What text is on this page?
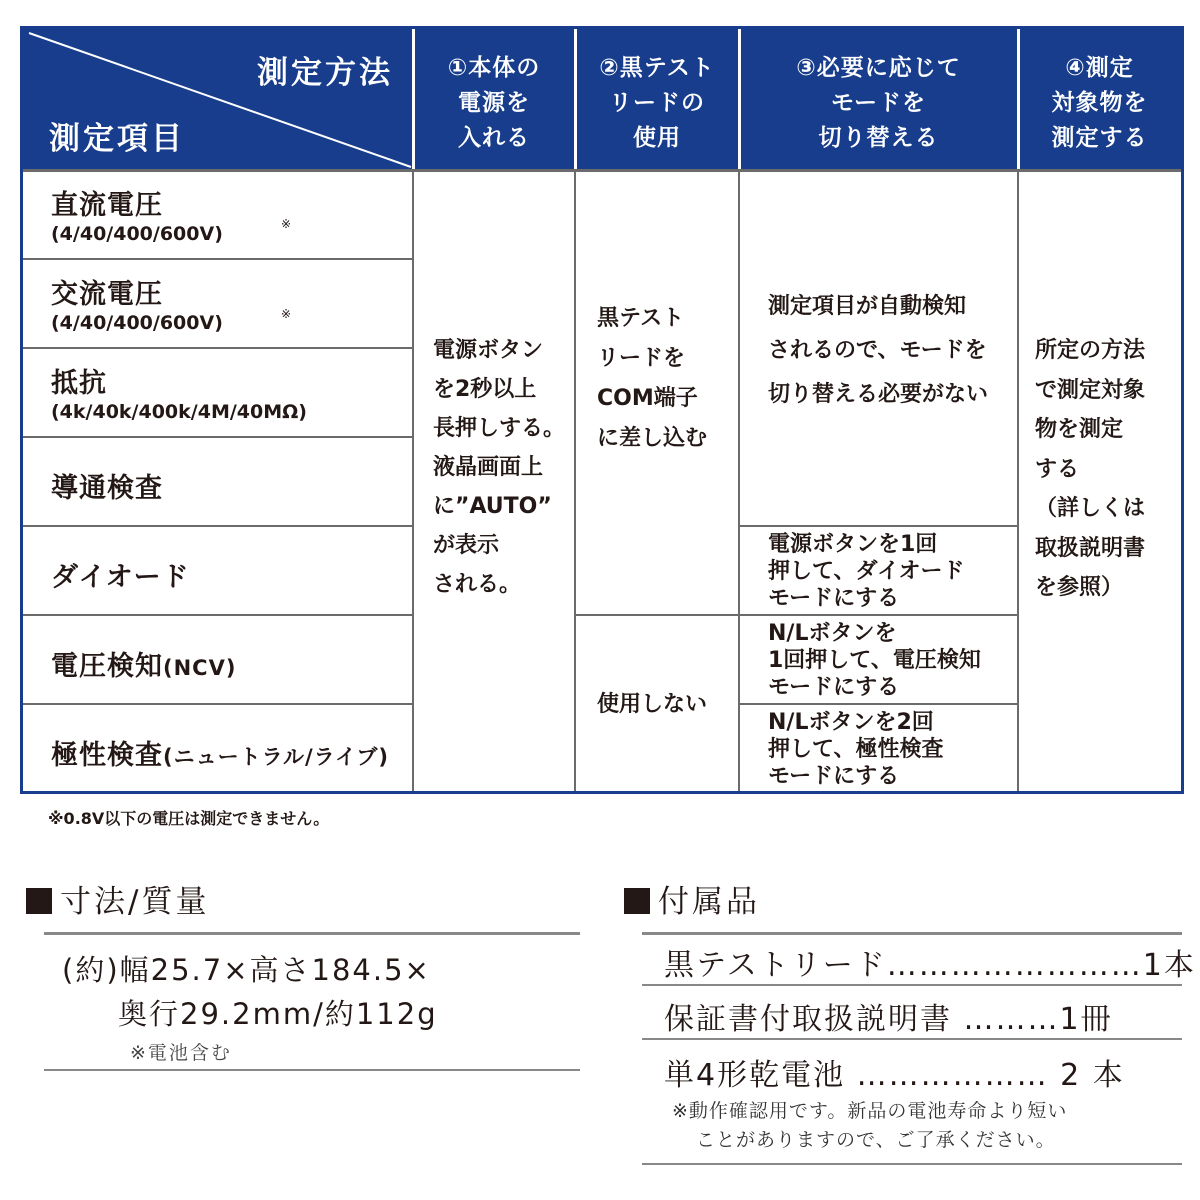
測定方法
測定項目
①本体の
電源を
入れる
②黒テスト
リードの
使用
③必要に応じて
モードを
切り替える
④測定
対象物を
測定する
直流電圧
(4/40/400/600V)	※
交流電圧
(4/40/400/600V)	※
抵抗
(4k/40k/400k/4M/40MΩ)
導通検査
ダイオード
電圧検知(NCV)
極性検査(ニュートラル/ライブ)
電源ボタン
を2秒以上
長押しする。
液晶画面上
に”AUTO”
が表示
される。
黒テスト
リードを
COM端子
に差し込む
使用しない
測定項目が自動検知
されるので、モードを
切り替える必要がない
電源ボタンを1回
押して、ダイオード
モードにする
N/Lボタンを
1回押して、電圧検知
モードにする
N/Lボタンを2回
押して、極性検査
モードにする
所定の方法
で測定対象
物を測定
する
（詳しくは
取扱説明書
を参照）
※0.8V以下の電圧は測定できません。
寸法/質量
(約)幅25.7×高さ184.5×
奥行29.2mm/約112g
※電池含む
付属品
黒テストリード……………………1本
保証書付取扱説明書 ………1冊
単4形乾電池 ……………… 2 本
※動作確認用です。新品の電池寿命より短い
ことがありますので、ご了承ください。
